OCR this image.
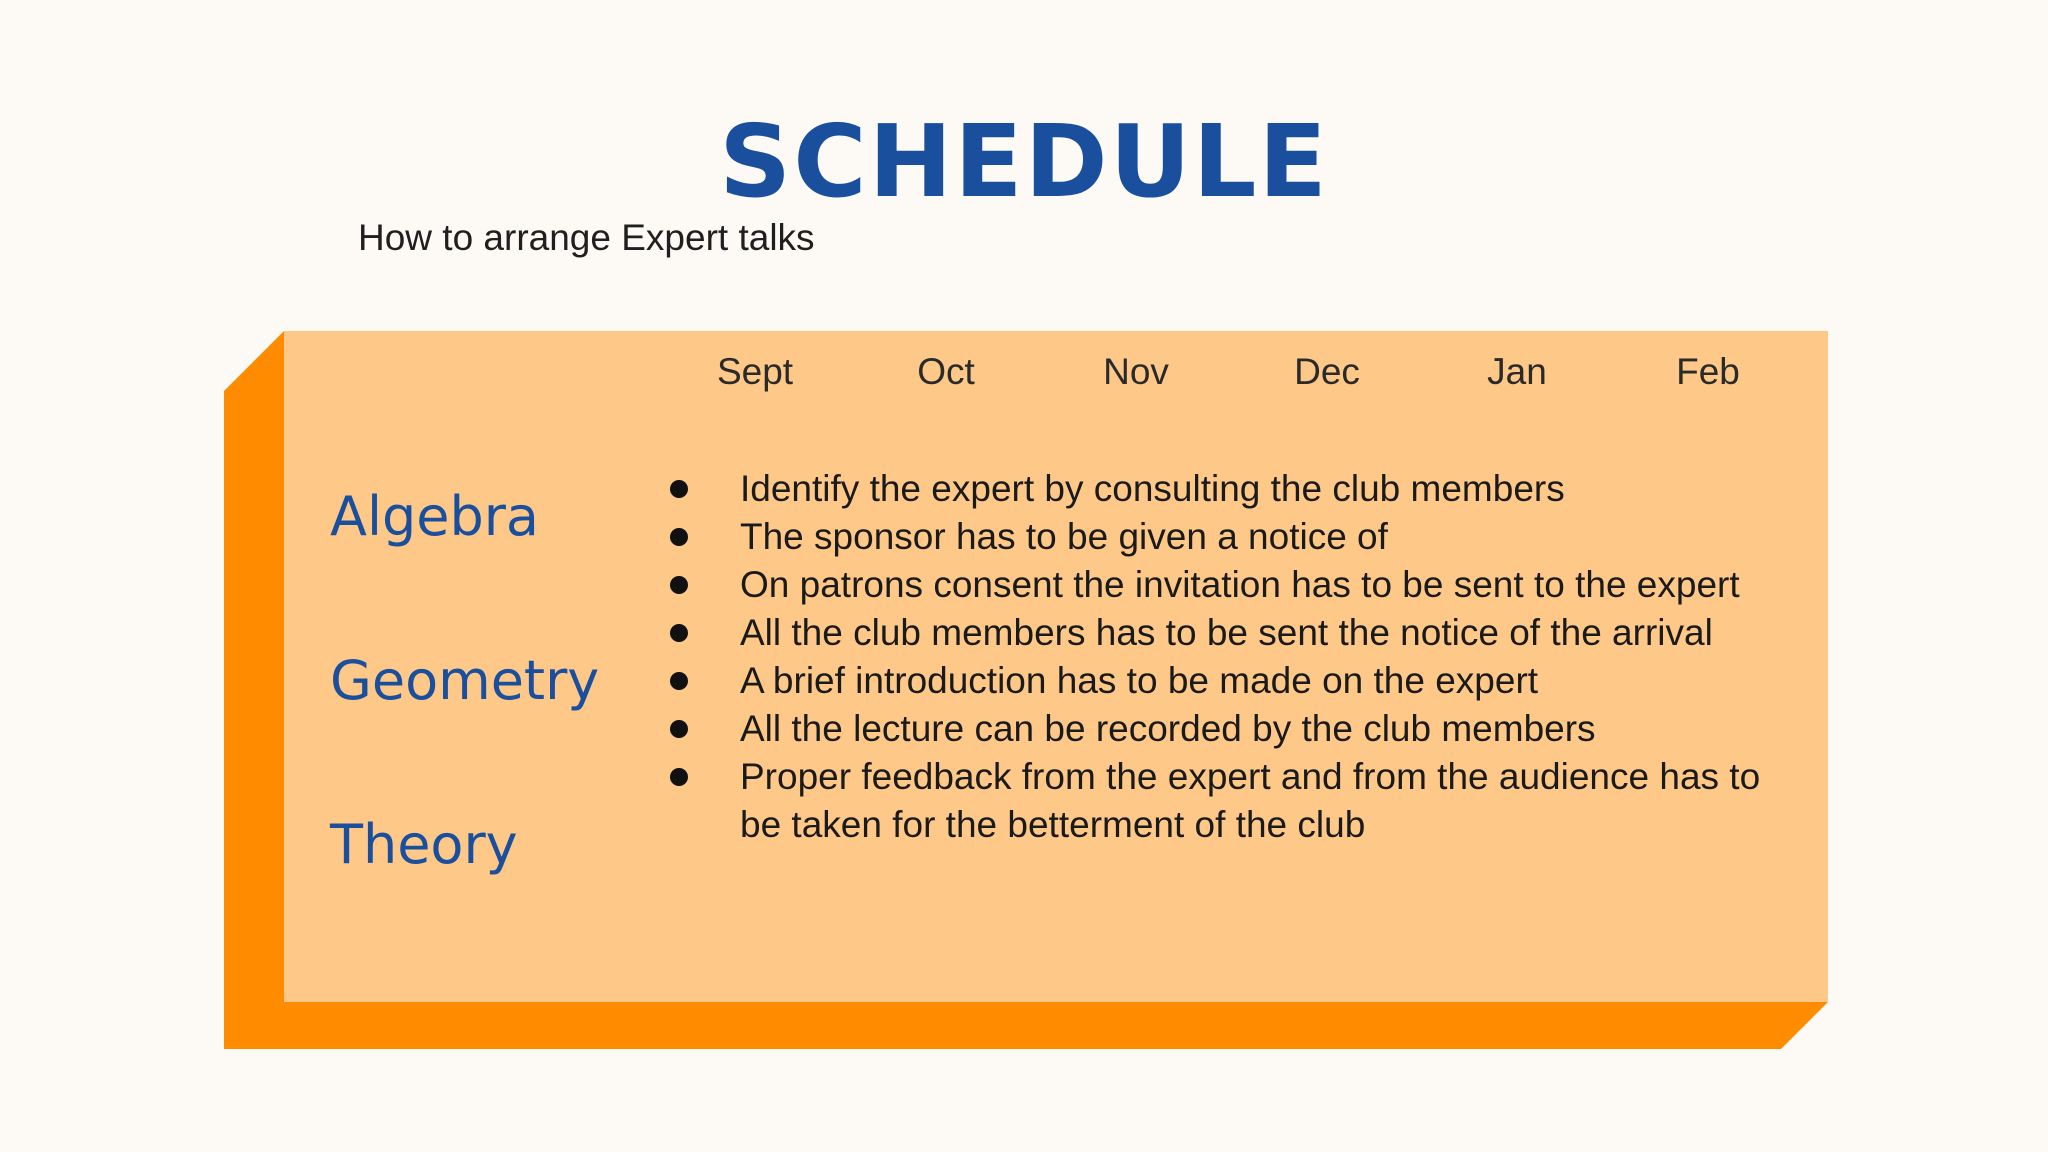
SCHEDULE

How to arrange Expert talks

Sept	Oct	Nov	Dec	Jan	Feb

Algebra

Geometry

Theory

Identify the expert by consulting the club members
The sponsor has to be given a notice of
On patrons consent the invitation has to be sent to the expert
All the club members has to be sent the notice of the arrival
A brief introduction has to be made on the expert
All the lecture can be recorded by the club members
Proper feedback from the expert and from the audience has to be taken for the betterment of the club
